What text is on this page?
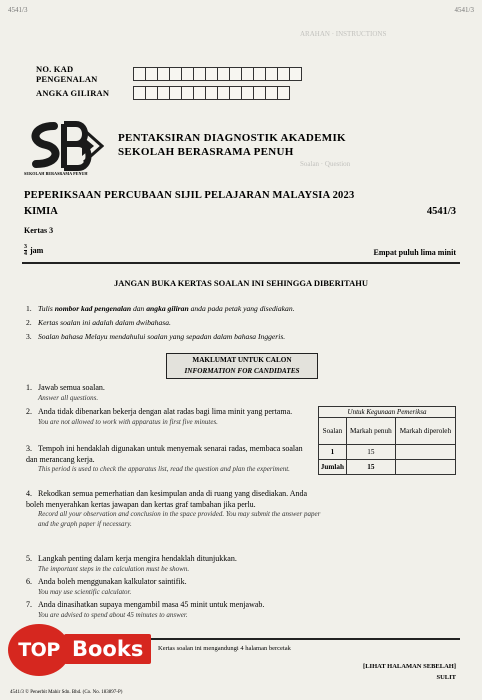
ARAHAN · INSTRUCTIONS
Soalan · Question
4541/3	4541/3
NO. KAD PENGENALAN
ANGKA GILIRAN
SEKOLAH BERASRAMA PENUH
PENTAKSIRAN DIAGNOSTIK AKADEMIK
SEKOLAH BERASRAMA PENUH
PEPERIKSAAN PERCUBAAN SIJIL PELAJARAN MALAYSIA 2023
KIMIA	4541/3
Kertas 3
$\frac{3}{4}$ jam	Empat puluh lima minit
JANGAN BUKA KERTAS SOALAN INI SEHINGGA DIBERITAHU
1. Tulis nombor kad pengenalan dan angka giliran anda pada petak yang disediakan.
2. Kertas soalan ini adalah dalam dwibahasa.
3. Soalan bahasa Melayu mendahului soalan yang sepadan dalam bahasa Inggeris.
MAKLUMAT UNTUK CALON
INFORMATION FOR CANDIDATES
1. Jawab semua soalan.
Answer all questions.
2. Anda tidak dibenarkan bekerja dengan alat radas bagi lima minit yang pertama.
You are not allowed to work with apparatus in first five minutes.
3. Tempoh ini hendaklah digunakan untuk menyemak senarai radas, membaca soalan dan merancang kerja.
This period is used to check the apparatus list, read the question and plan the experiment.
4. Rekodkan semua pemerhatian dan kesimpulan anda di ruang yang disediakan. Anda boleh menyerahkan kertas jawapan dan kertas graf tambahan jika perlu.
Record all your observation and conclusion in the space provided. You may submit the answer paper and the graph paper if necessary.
5. Langkah penting dalam kerja mengira hendaklah ditunjukkan.
The important steps in the calculation must be shown.
6. Anda boleh menggunakan kalkulator saintifik.
You may use scientific calculator.
7. Anda dinasihatkan supaya mengambil masa 45 minit untuk menjawab.
You are advised to spend about 45 minutes to answer.
Untuk Kegunaan Pemeriksa
Soalan	Markah penuh	Markah diperoleh
1	15	
Jumlah	15	
Kertas soalan ini mengandungi 4 halaman bercetak
[LIHAT HALAMAN SEBELAH]
SULIT
4541/3 © Penerbit Mahir Sdn. Bhd. (Co. No. 183897-P)
TOP Books
